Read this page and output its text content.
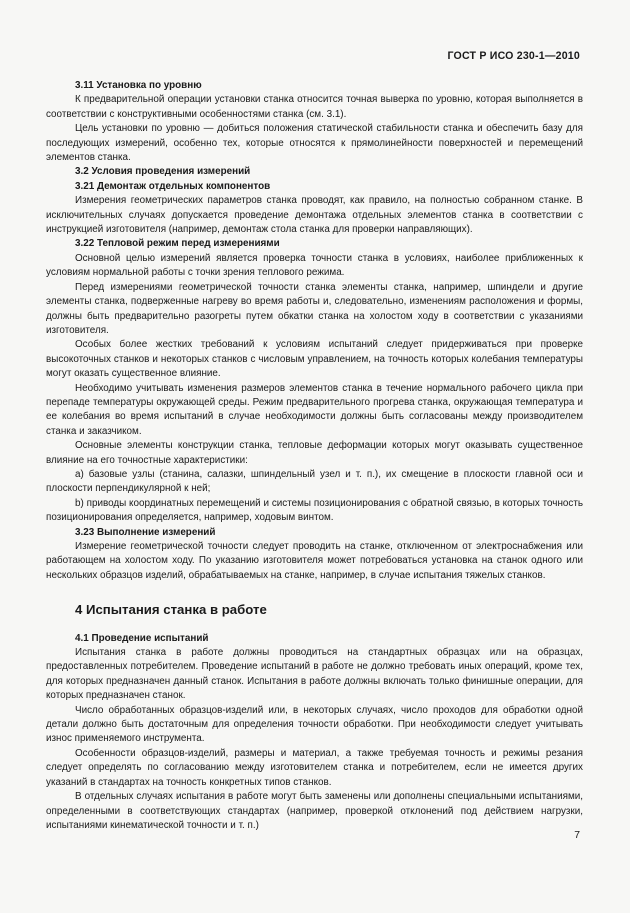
ГОСТ Р ИСО 230-1—2010

3.11 Установка по уровню

К предварительной операции установки станка относится точная выверка по уровню, которая выполняется в соответствии с конструктивными особенностями станка (см. 3.1).

Цель установки по уровню — добиться положения статической стабильности станка и обеспечить базу для последующих измерений, особенно тех, которые относятся к прямолинейности поверхностей и перемещений элементов станка.

3.2 Условия проведения измерений

3.21 Демонтаж отдельных компонентов

Измерения геометрических параметров станка проводят, как правило, на полностью собранном станке. В исключительных случаях допускается проведение демонтажа отдельных элементов станка в соответствии с инструкцией изготовителя (например, демонтаж стола станка для проверки направляющих).

3.22 Тепловой режим перед измерениями

Основной целью измерений является проверка точности станка в условиях, наиболее приближенных к условиям нормальной работы с точки зрения теплового режима.

Перед измерениями геометрической точности станка элементы станка, например, шпиндели и другие элементы станка, подверженные нагреву во время работы и, следовательно, изменениям расположения и формы, должны быть предварительно разогреты путем обкатки станка на холостом ходу в соответствии с указаниями изготовителя.

Особых более жестких требований к условиям испытаний следует придерживаться при проверке высокоточных станков и некоторых станков с числовым управлением, на точность которых колебания температуры могут оказать существенное влияние.

Необходимо учитывать изменения размеров элементов станка в течение нормального рабочего цикла при перепаде температуры окружающей среды. Режим предварительного прогрева станка, окружающая температура и ее колебания во время испытаний в случае необходимости должны быть согласованы между производителем станка и заказчиком.

Основные элементы конструкции станка, тепловые деформации которых могут оказывать существенное влияние на его точностные характеристики:

а) базовые узлы (станина, салазки, шпиндельный узел и т. п.), их смещение в плоскости главной оси и плоскости перпендикулярной к ней;

b) приводы координатных перемещений и системы позиционирования с обратной связью, в которых точность позиционирования определяется, например, ходовым винтом.

3.23 Выполнение измерений

Измерение геометрической точности следует проводить на станке, отключенном от электроснабжения или работающем на холостом ходу. По указанию изготовителя может потребоваться установка на станок одного или нескольких образцов изделий, обрабатываемых на станке, например, в случае испытания тяжелых станков.

4 Испытания станка в работе

4.1 Проведение испытаний

Испытания станка в работе должны проводиться на стандартных образцах или на образцах, предоставленных потребителем. Проведение испытаний в работе не должно требовать иных операций, кроме тех, для которых предназначен данный станок. Испытания в работе должны включать только финишные операции, для которых предназначен станок.

Число обработанных образцов-изделий или, в некоторых случаях, число проходов для обработки одной детали должно быть достаточным для определения точности обработки. При необходимости следует учитывать износ применяемого инструмента.

Особенности образцов-изделий, размеры и материал, а также требуемая точность и режимы резания следует определять по согласованию между изготовителем станка и потребителем, если не имеется других указаний в стандартах на точность конкретных типов станков.

В отдельных случаях испытания в работе могут быть заменены или дополнены специальными испытаниями, определенными в соответствующих стандартах (например, проверкой отклонений под действием нагрузки, испытаниями кинематической точности и т. п.)

7
